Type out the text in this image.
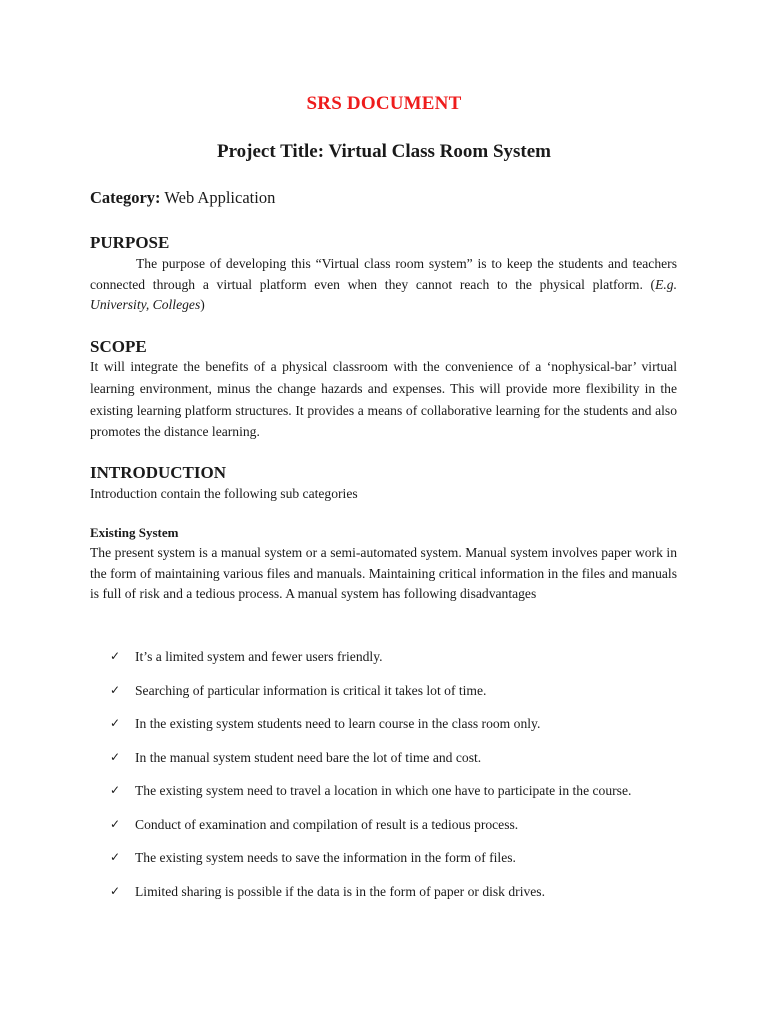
SRS DOCUMENT
Project Title: Virtual Class Room System
Category: Web Application
PURPOSE
The purpose of developing this “Virtual class room system” is to keep the students and teachers connected through a virtual platform even when they cannot reach to the physical platform. (E.g. University, Colleges)
SCOPE
It will integrate the benefits of a physical classroom with the convenience of a ‘nophysical-bar’ virtual learning environment, minus the change hazards and expenses. This will provide more flexibility in the existing learning platform structures. It provides a means of collaborative learning for the students and also promotes the distance learning.
INTRODUCTION
Introduction contain the following sub categories
Existing System
The present system is a manual system or a semi-automated system. Manual system involves paper work in the form of maintaining various files and manuals. Maintaining critical information in the files and manuals is full of risk and a tedious process. A manual system has following disadvantages
✓ It’s a limited system and fewer users friendly.
✓ Searching of particular information is critical it takes lot of time.
✓ In the existing system students need to learn course in the class room only.
✓ In the manual system student need bare the lot of time and cost.
✓ The existing system need to travel a location in which one have to participate in the course.
✓ Conduct of examination and compilation of result is a tedious process.
✓ The existing system needs to save the information in the form of files.
✓ Limited sharing is possible if the data is in the form of paper or disk drives.
